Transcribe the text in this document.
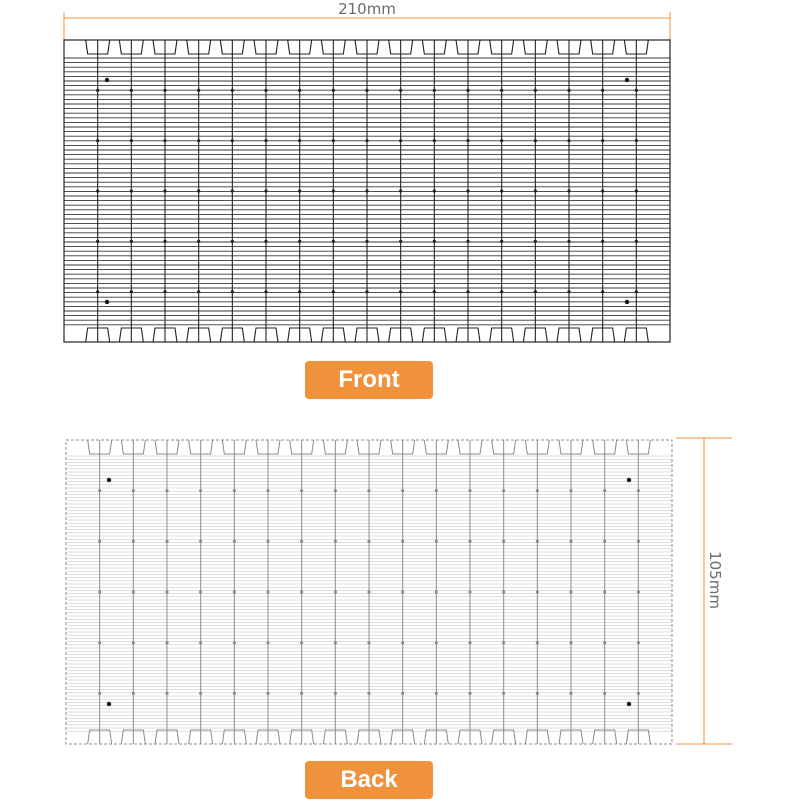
210mm
105mm
Front
Back
